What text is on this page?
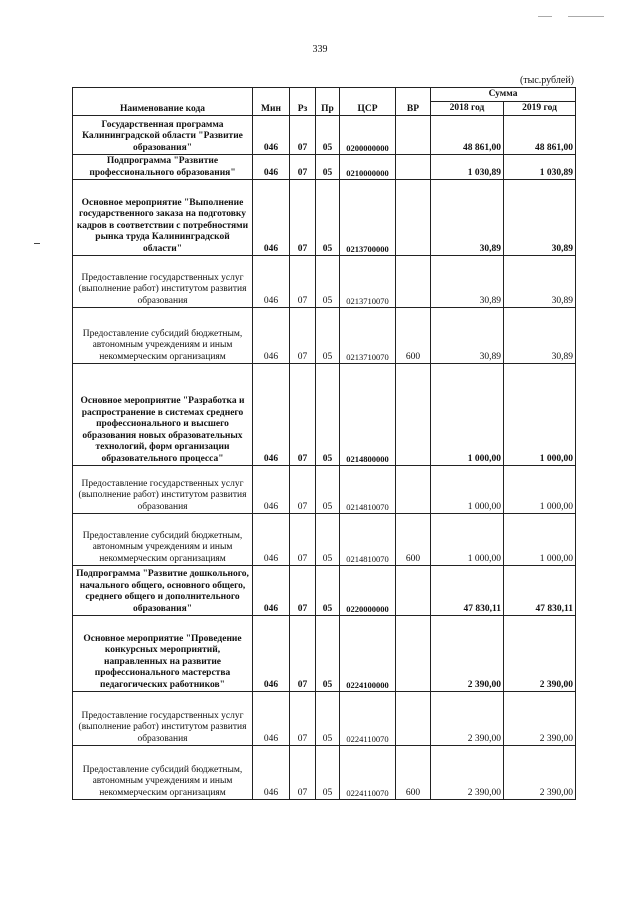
339
(тыс.рублей)
Наименование кода	Мин	Рз	Пр	ЦСР	ВР	Сумма	
						2018 год	2019 год
Государственная программа Калининградской области "Развитие образования"	046	07	05	0200000000		48 861,00	48 861,00
Подпрограмма "Развитие профессионального образования"	046	07	05	0210000000		1 030,89	1 030,89
Основное мероприятие "Выполнение государственного заказа на подготовку кадров в соответствии с потребностями рынка труда Калининградской области"	046	07	05	0213700000		30,89	30,89
Предоставление государственных услуг (выполнение работ) институтом развития образования	046	07	05	0213710070		30,89	30,89
Предоставление субсидий бюджетным, автономным учреждениям и иным некоммерческим организациям	046	07	05	0213710070	600	30,89	30,89
Основное мероприятие "Разработка и распространение в системах среднего профессионального и высшего образования новых образовательных технологий, форм организации образовательного процесса"	046	07	05	0214800000		1 000,00	1 000,00
Предоставление государственных услуг (выполнение работ) институтом развития образования	046	07	05	0214810070		1 000,00	1 000,00
Предоставление субсидий бюджетным, автономным учреждениям и иным некоммерческим организациям	046	07	05	0214810070	600	1 000,00	1 000,00
Подпрограмма "Развитие дошкольного, начального общего, основного общего, среднего общего и дополнительного образования"	046	07	05	0220000000		47 830,11	47 830,11
Основное мероприятие "Проведение конкурсных мероприятий, направленных на развитие профессионального мастерства педагогических работников"	046	07	05	0224100000		2 390,00	2 390,00
Предоставление государственных услуг (выполнение работ) институтом развития образования	046	07	05	0224110070		2 390,00	2 390,00
Предоставление субсидий бюджетным, автономным учреждениям и иным некоммерческим организациям	046	07	05	0224110070	600	2 390,00	2 390,00
